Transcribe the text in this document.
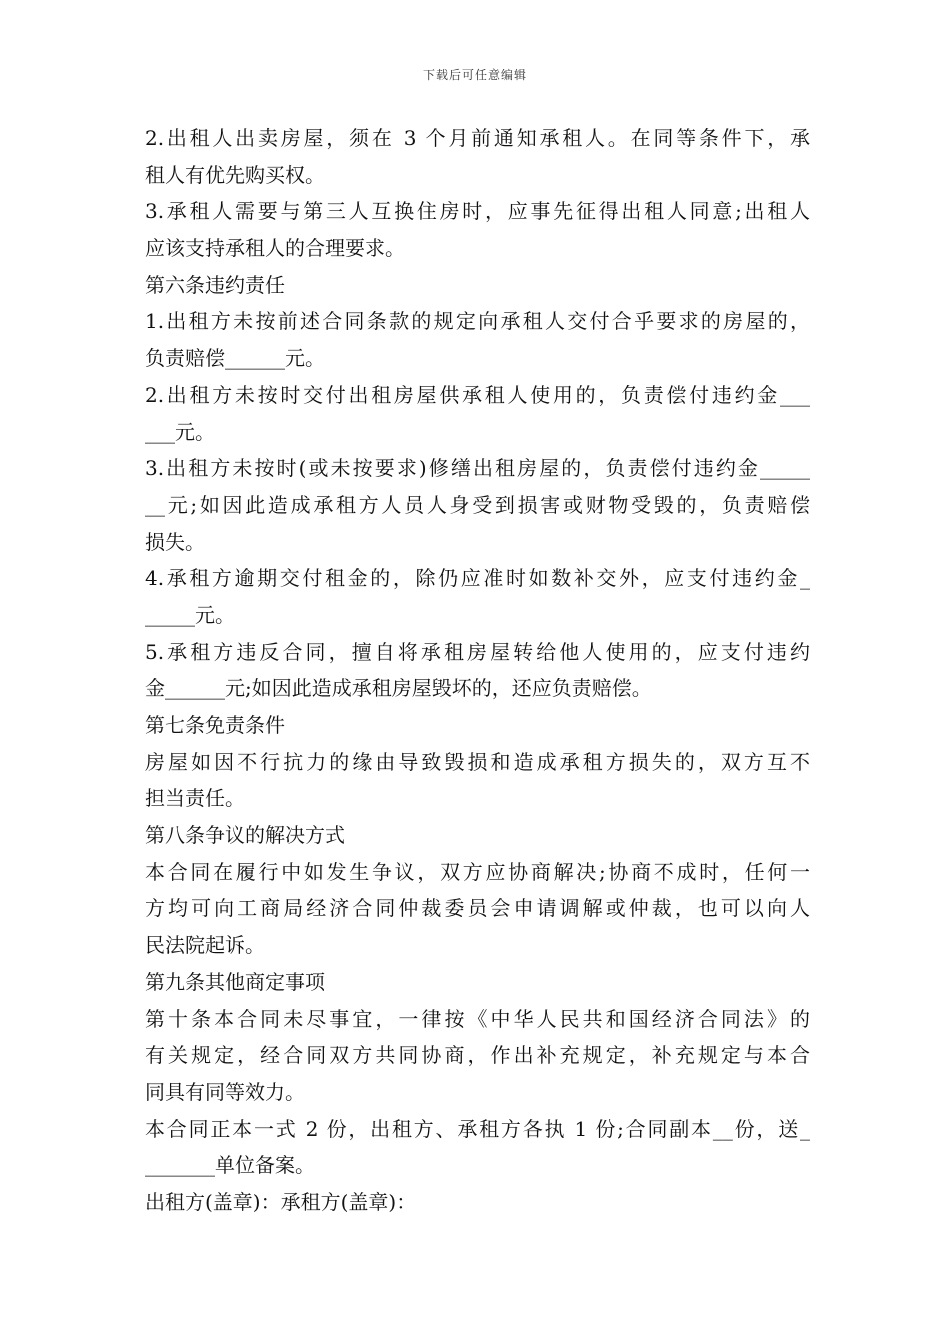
下载后可任意编辑

2.出租人出卖房屋，须在 3 个月前通知承租人。在同等条件下，承

租人有优先购买权。

3.承租人需要与第三人互换住房时，应事先征得出租人同意;出租人

应该支持承租人的合理要求。

第六条违约责任

1.出租方未按前述合同条款的规定向承租人交付合乎要求的房屋的，

负责赔偿______元。

2.出租方未按时交付出租房屋供承租人使用的，负责偿付违约金___

___元。

3.出租方未按时(或未按要求)修缮出租房屋的，负责偿付违约金_____

__元;如因此造成承租方人员人身受到损害或财物受毁的，负责赔偿

损失。

4.承租方逾期交付租金的，除仍应准时如数补交外，应支付违约金_

_____元。

5.承租方违反合同，擅自将承租房屋转给他人使用的，应支付违约

金______元;如因此造成承租房屋毁坏的，还应负责赔偿。

第七条免责条件

房屋如因不行抗力的缘由导致毁损和造成承租方损失的，双方互不

担当责任。

第八条争议的解决方式

本合同在履行中如发生争议，双方应协商解决;协商不成时，任何一

方均可向工商局经济合同仲裁委员会申请调解或仲裁，也可以向人

民法院起诉。

第九条其他商定事项

第十条本合同未尽事宜，一律按《中华人民共和国经济合同法》的

有关规定，经合同双方共同协商，作出补充规定，补充规定与本合

同具有同等效力。

本合同正本一式 2 份，出租方、承租方各执 1 份;合同副本__份，送_

_______单位备案。

出租方(盖章)：承租方(盖章)：
